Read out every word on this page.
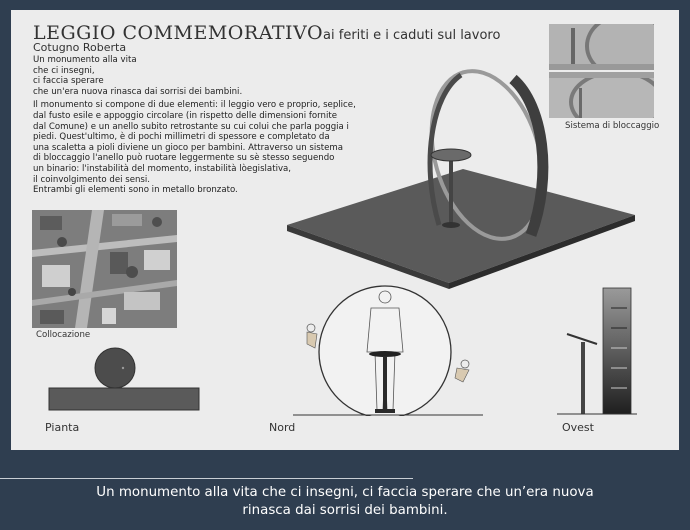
LEGGIO COMMEMORATIVOai feriti e i caduti sul lavoro
Cotugno Roberta

Un monumento alla vita

che ci insegni,

ci faccia sperare

che un'era nuova rinasca dai sorrisi dei bambini.

Il monumento si compone di due elementi: il leggio vero e proprio, seplice,

dal fusto esile e appoggio circolare (in rispetto delle dimensioni fornite

dal Comune) e un anello subito retrostante su cui colui che parla poggia i

piedi. Quest'ultimo, è di pochi millimetri di spessore e completato da

una scaletta a pioli diviene un gioco per bambini. Attraverso un sistema

di bloccaggio l'anello può ruotare leggermente su sè stesso seguendo

un binario: l'instabilità del momento, instabilità lòegislativa,

il coinvolgimento dei sensi.

Entrambi gli elementi sono in metallo bronzato.

Collocazione
Sistema di bloccaggio
Pianta	Nord	Ovest
Un monumento alla vita che ci insegni, ci faccia sperare che un’era nuova
rinasca dai sorrisi dei bambini.
